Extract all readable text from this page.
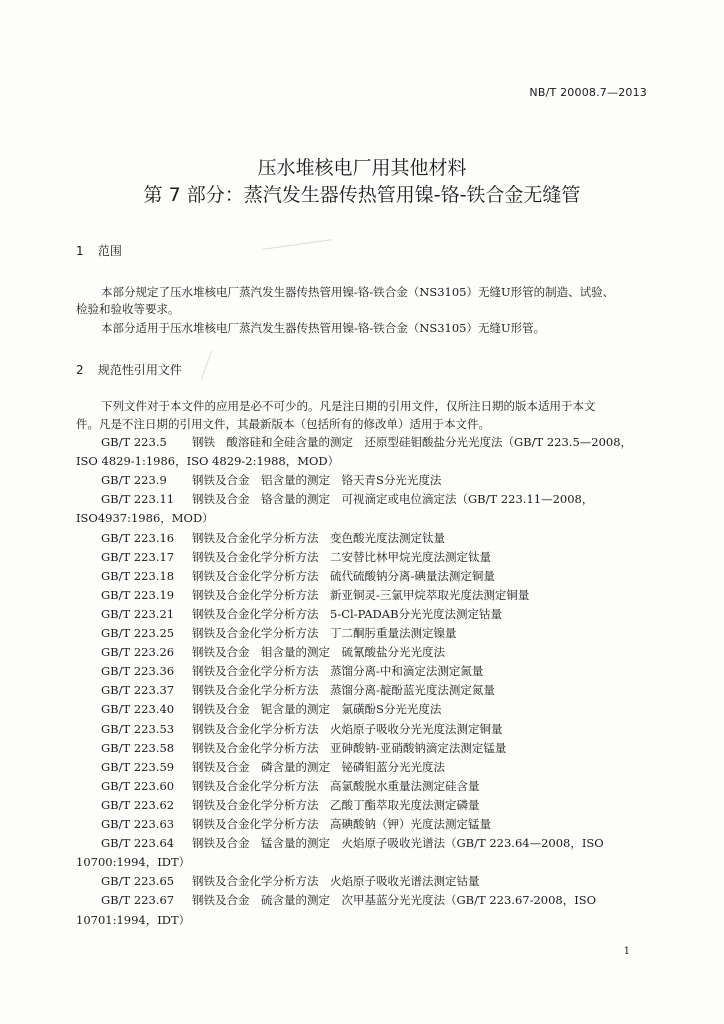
NB/T 20008.7—2013
压水堆核电厂用其他材料
第 7 部分：蒸汽发生器传热管用镍-铬-铁合金无缝管
1 范围
本部分规定了压水堆核电厂蒸汽发生器传热管用镍-铬-铁合金（NS3105）无缝U形管的制造、试验、
检验和验收等要求。
本部分适用于压水堆核电厂蒸汽发生器传热管用镍-铬-铁合金（NS3105）无缝U形管。
2 规范性引用文件
下列文件对于本文件的应用是必不可少的。凡是注日期的引用文件，仅所注日期的版本适用于本文
件。凡是不注日期的引用文件，其最新版本（包括所有的修改单）适用于本文件。
GB/T 223.5 钢铁　酸溶硅和全硅含量的测定　还原型硅钼酸盐分光光度法（GB/T 223.5—2008，
ISO 4829-1:1986，ISO 4829-2:1988，MOD）
GB/T 223.9 钢铁及合金　铝含量的测定　铬天青S分光光度法
GB/T 223.11 钢铁及合金　铬含量的测定　可视滴定或电位滴定法（GB/T 223.11—2008，
ISO4937:1986，MOD）
GB/T 223.16 钢铁及合金化学分析方法　变色酸光度法测定钛量
GB/T 223.17 钢铁及合金化学分析方法　二安替比林甲烷光度法测定钛量
GB/T 223.18 钢铁及合金化学分析方法　硫代硫酸钠分离-碘量法测定铜量
GB/T 223.19 钢铁及合金化学分析方法　新亚铜灵-三氯甲烷萃取光度法测定铜量
GB/T 223.21 钢铁及合金化学分析方法　5-Cl-PADAB分光光度法测定钴量
GB/T 223.25 钢铁及合金化学分析方法　丁二酮肟重量法测定镍量
GB/T 223.26 钢铁及合金　钼含量的测定　硫氰酸盐分光光度法
GB/T 223.36 钢铁及合金化学分析方法　蒸馏分离-中和滴定法测定氮量
GB/T 223.37 钢铁及合金化学分析方法　蒸馏分离-靛酚蓝光度法测定氮量
GB/T 223.40 钢铁及合金　铌含量的测定　氯磺酚S分光光度法
GB/T 223.53 钢铁及合金化学分析方法　火焰原子吸收分光光度法测定铜量
GB/T 223.58 钢铁及合金化学分析方法　亚砷酸钠-亚硝酸钠滴定法测定锰量
GB/T 223.59 钢铁及合金　磷含量的测定　铋磷钼蓝分光光度法
GB/T 223.60 钢铁及合金化学分析方法　高氯酸脱水重量法测定硅含量
GB/T 223.62 钢铁及合金化学分析方法　乙酸丁酯萃取光度法测定磷量
GB/T 223.63 钢铁及合金化学分析方法　高碘酸钠（钾）光度法测定锰量
GB/T 223.64 钢铁及合金　锰含量的测定　火焰原子吸收光谱法（GB/T 223.64—2008，ISO
10700:1994，IDT）
GB/T 223.65 钢铁及合金化学分析方法　火焰原子吸收光谱法测定钴量
GB/T 223.67 钢铁及合金　硫含量的测定　次甲基蓝分光光度法（GB/T 223.67-2008，ISO
10701:1994，IDT）
1
